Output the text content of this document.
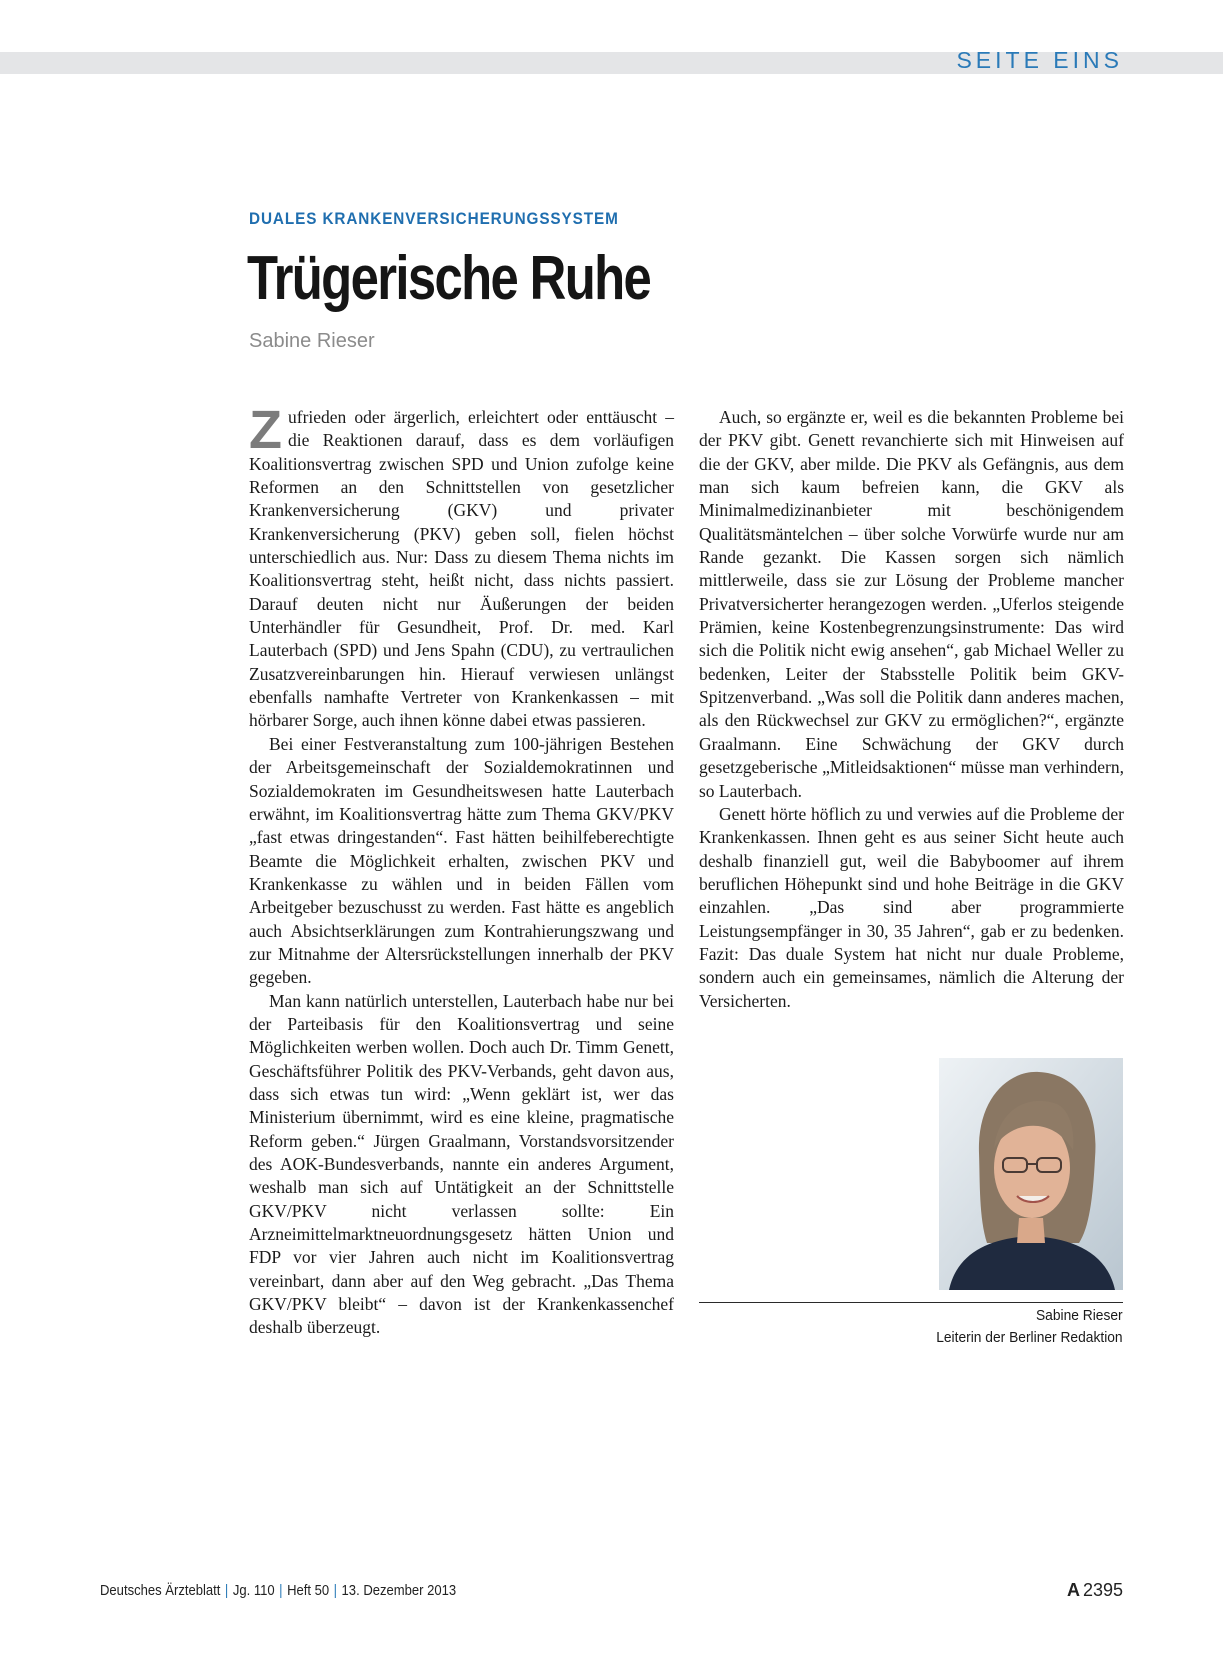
SEITE EINS
DUALES KRANKENVERSICHERUNGSSYSTEM
Trügerische Ruhe
Sabine Rieser

Zufrieden oder ärgerlich, erleichtert oder enttäuscht – die Reaktionen darauf, dass es dem vorläufigen Koalitionsvertrag zwischen SPD und Union zufolge keine Reformen an den Schnittstellen von gesetzlicher Krankenversicherung (GKV) und privater Krankenversicherung (PKV) geben soll, fielen höchst unterschiedlich aus. Nur: Dass zu diesem Thema nichts im Koalitionsvertrag steht, heißt nicht, dass nichts passiert. Darauf deuten nicht nur Äußerungen der beiden Unterhändler für Gesundheit, Prof. Dr. med. Karl Lauterbach (SPD) und Jens Spahn (CDU), zu vertraulichen Zusatzvereinbarungen hin. Hierauf verwiesen unlängst ebenfalls namhafte Vertreter von Krankenkassen – mit hörbarer Sorge, auch ihnen könne dabei etwas passieren.

Bei einer Festveranstaltung zum 100-jährigen Bestehen der Arbeitsgemeinschaft der Sozialdemokratinnen und Sozialdemokraten im Gesundheitswesen hatte Lauterbach erwähnt, im Koalitionsvertrag hätte zum Thema GKV/PKV „fast etwas dringestanden“. Fast hätten beihilfeberechtigte Beamte die Möglichkeit erhalten, zwischen PKV und Krankenkasse zu wählen und in beiden Fällen vom Arbeitgeber bezuschusst zu werden. Fast hätte es angeblich auch Absichtserklärungen zum Kontrahierungszwang und zur Mitnahme der Altersrückstellungen innerhalb der PKV gegeben.

Man kann natürlich unterstellen, Lauterbach habe nur bei der Parteibasis für den Koalitionsvertrag und seine Möglichkeiten werben wollen. Doch auch Dr. Timm Genett, Geschäftsführer Politik des PKV-Verbands, geht davon aus, dass sich etwas tun wird: „Wenn geklärt ist, wer das Ministerium übernimmt, wird es eine kleine, pragmatische Reform geben.“ Jürgen Graalmann, Vorstandsvorsitzender des AOK-Bundesverbands, nannte ein anderes Argument, weshalb man sich auf Untätigkeit an der Schnittstelle GKV/PKV nicht verlassen sollte: Ein Arzneimittelmarktneuordnungsgesetz hätten Union und FDP vor vier Jahren auch nicht im Koalitionsvertrag vereinbart, dann aber auf den Weg gebracht. „Das Thema GKV/PKV bleibt“ – davon ist der Krankenkassenchef deshalb überzeugt.

Auch, so ergänzte er, weil es die bekannten Probleme bei der PKV gibt. Genett revanchierte sich mit Hinweisen auf die der GKV, aber milde. Die PKV als Gefängnis, aus dem man sich kaum befreien kann, die GKV als Minimalmedizinanbieter mit beschönigendem Qualitätsmäntelchen – über solche Vorwürfe wurde nur am Rande gezankt. Die Kassen sorgen sich nämlich mittlerweile, dass sie zur Lösung der Probleme mancher Privatversicherter herangezogen werden. „Uferlos steigende Prämien, keine Kostenbegrenzungsinstrumente: Das wird sich die Politik nicht ewig ansehen“, gab Michael Weller zu bedenken, Leiter der Stabsstelle Politik beim GKV-Spitzenverband. „Was soll die Politik dann anderes machen, als den Rückwechsel zur GKV zu ermöglichen?“, ergänzte Graalmann. Eine Schwächung der GKV durch gesetzgeberische „Mitleidsaktionen“ müsse man verhindern, so Lauterbach.

Genett hörte höflich zu und verwies auf die Probleme der Krankenkassen. Ihnen geht es aus seiner Sicht heute auch deshalb finanziell gut, weil die Babyboomer auf ihrem beruflichen Höhepunkt sind und hohe Beiträge in die GKV einzahlen. „Das sind aber programmierte Leistungsempfänger in 30, 35 Jahren“, gab er zu bedenken. Fazit: Das duale System hat nicht nur duale Probleme, sondern auch ein gemeinsames, nämlich die Alterung der Versicherten.

Sabine Rieser
Leiterin der Berliner Redaktion
Deutsches Ärzteblatt | Jg. 110 | Heft 50 | 13. Dezember 2013	A 2395
